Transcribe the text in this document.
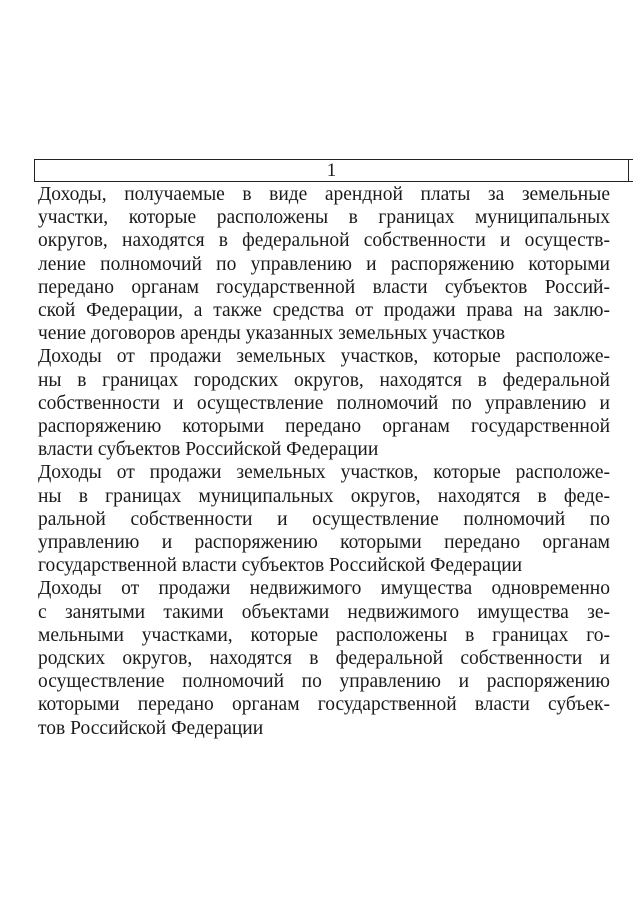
1
Доходы, получаемые в виде арендной платы за земельные
участки, которые расположены в границах муниципальных
округов, находятся в федеральной собственности и осуществ-
ление полномочий по управлению и распоряжению которыми
передано органам государственной власти субъектов Россий-
ской Федерации, а также средства от продажи права на заклю-
чение договоров аренды указанных земельных участков
Доходы от продажи земельных участков, которые расположе-
ны в границах городских округов, находятся в федеральной
собственности и осуществление полномочий по управлению и
распоряжению которыми передано органам государственной
власти субъектов Российской Федерации
Доходы от продажи земельных участков, которые расположе-
ны в границах муниципальных округов, находятся в феде-
ральной собственности и осуществление полномочий по
управлению и распоряжению которыми передано органам
государственной власти субъектов Российской Федерации
Доходы от продажи недвижимого имущества одновременно
с занятыми такими объектами недвижимого имущества зе-
мельными участками, которые расположены в границах го-
родских округов, находятся в федеральной собственности и
осуществление полномочий по управлению и распоряжению
которыми передано органам государственной власти субъек-
тов Российской Федерации
